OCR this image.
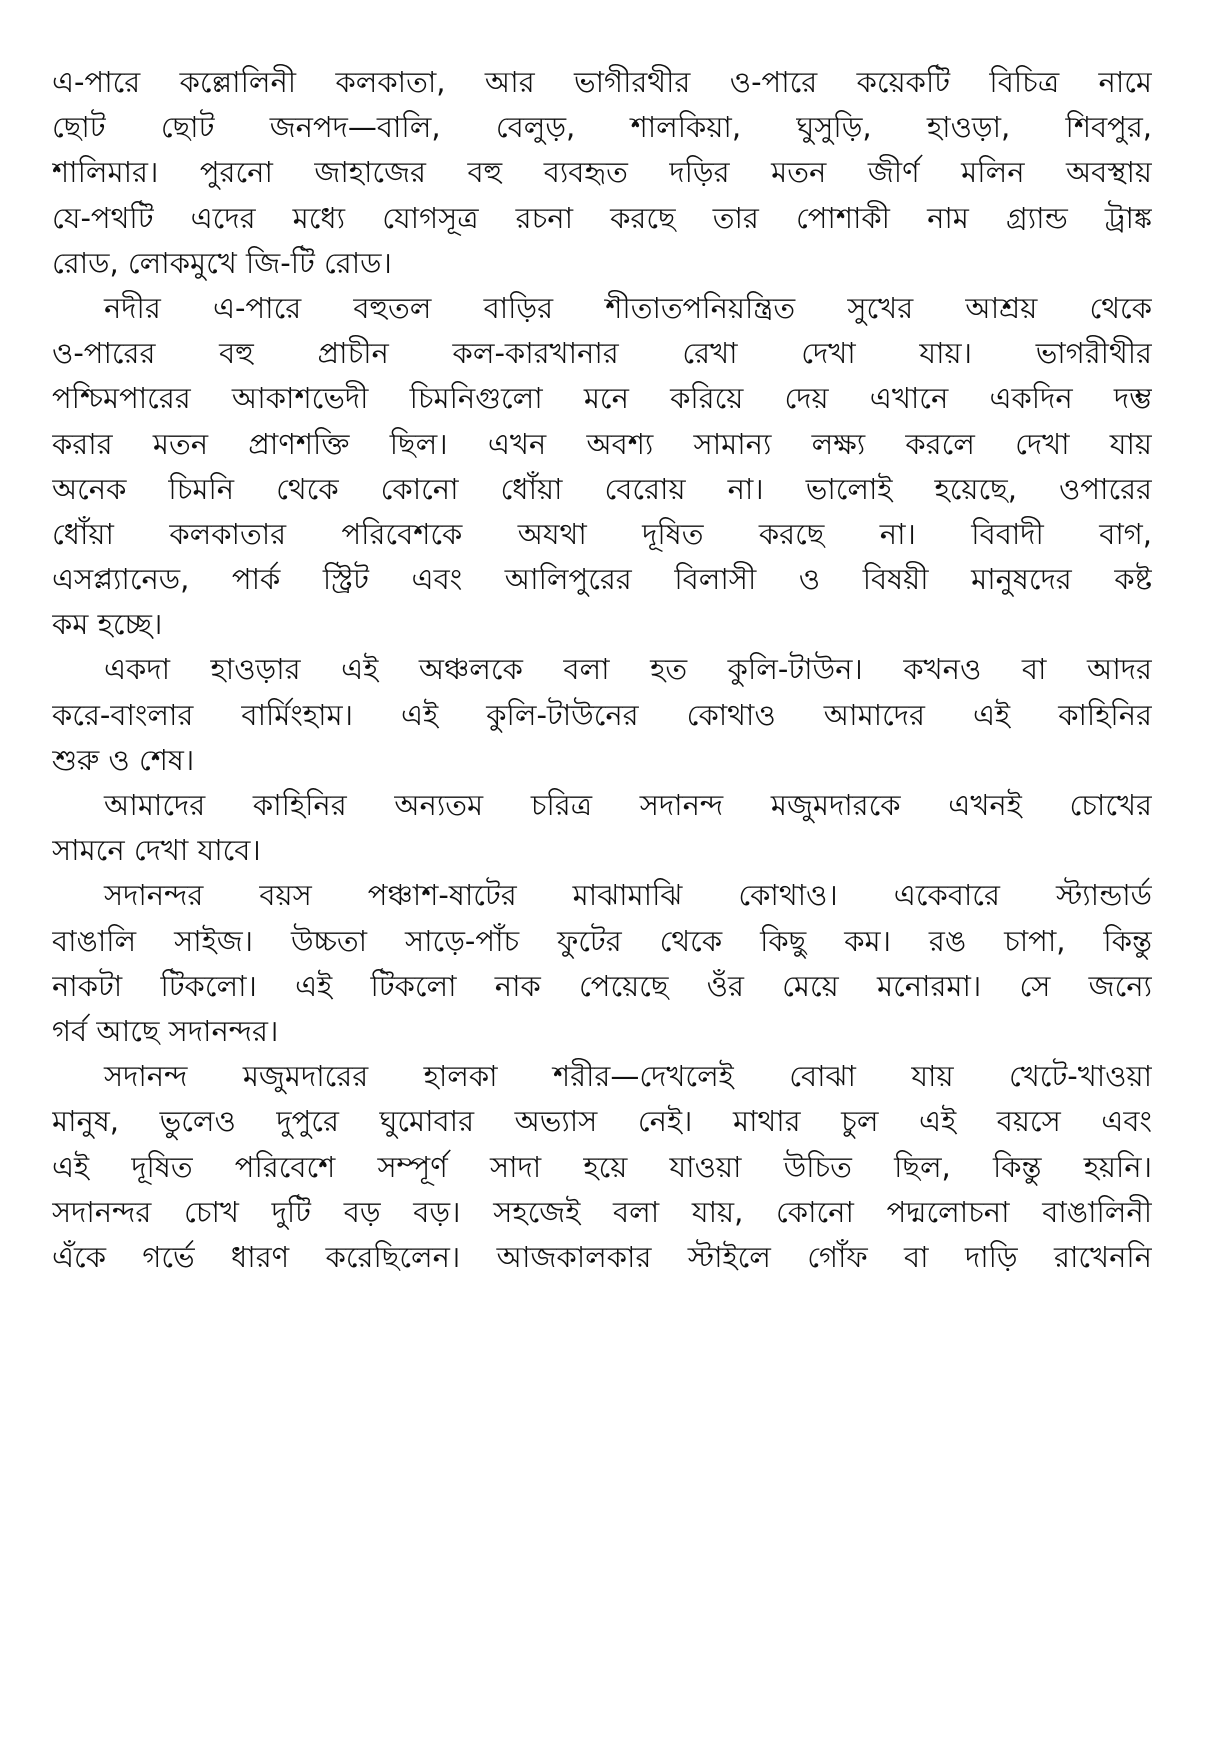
এ-পারে কল্লোলিনী কলকাতা, আর ভাগীরথীর ও-পারে কয়েকটি বিচিত্র নামে
ছোট ছোট জনপদ—বালি, বেলুড়, শালকিয়া, ঘুসুড়ি, হাওড়া, শিবপুর,
শালিমার। পুরনো জাহাজের বহু ব্যবহৃত দড়ির মতন জীর্ণ মলিন অবস্থায়
যে-পথটি এদের মধ্যে যোগসূত্র রচনা করছে তার পোশাকী নাম গ্র্যান্ড ট্রাঙ্ক
রোড, লোকমুখে জি-টি রোড।
নদীর এ-পারে বহুতল বাড়ির শীতাতপনিয়ন্ত্রিত সুখের আশ্রয় থেকে
ও-পারের বহু প্রাচীন কল-কারখানার রেখা দেখা যায়। ভাগরীথীর
পশ্চিমপারের আকাশভেদী চিমনিগুলো মনে করিয়ে দেয় এখানে একদিন দম্ভ
করার মতন প্রাণশক্তি ছিল। এখন অবশ্য সামান্য লক্ষ্য করলে দেখা যায়
অনেক চিমনি থেকে কোনো ধোঁয়া বেরোয় না। ভালোই হয়েছে, ওপারের
ধোঁয়া কলকাতার পরিবেশকে অযথা দূষিত করছে না। বিবাদী বাগ,
এসপ্ল্যানেড, পার্ক স্ট্রিট এবং আলিপুরের বিলাসী ও বিষয়ী মানুষদের কষ্ট
কম হচ্ছে।
একদা হাওড়ার এই অঞ্চলকে বলা হত কুলি-টাউন। কখনও বা আদর
করে-বাংলার বার্মিংহাম। এই কুলি-টাউনের কোথাও আমাদের এই কাহিনির
শুরু ও শেষ।
আমাদের কাহিনির অন্যতম চরিত্র সদানন্দ মজুমদারকে এখনই চোখের
সামনে দেখা যাবে।
সদানন্দর বয়স পঞ্চাশ-ষাটের মাঝামাঝি কোথাও। একেবারে স্ট্যান্ডার্ড
বাঙালি সাইজ। উচ্চতা সাড়ে-পাঁচ ফুটের থেকে কিছু কম। রঙ চাপা, কিন্তু
নাকটা টিকলো। এই টিকলো নাক পেয়েছে ওঁর মেয়ে মনোরমা। সে জন্যে
গর্ব আছে সদানন্দর।
সদানন্দ মজুমদারের হালকা শরীর—দেখলেই বোঝা যায় খেটে-খাওয়া
মানুষ, ভুলেও দুপুরে ঘুমোবার অভ্যাস নেই। মাথার চুল এই বয়সে এবং
এই দূষিত পরিবেশে সম্পূর্ণ সাদা হয়ে যাওয়া উচিত ছিল, কিন্তু হয়নি।
সদানন্দর চোখ দুটি বড় বড়। সহজেই বলা যায়, কোনো পদ্মলোচনা বাঙালিনী
এঁকে গর্ভে ধারণ করেছিলেন। আজকালকার স্টাইলে গোঁফ বা দাড়ি রাখেননি
